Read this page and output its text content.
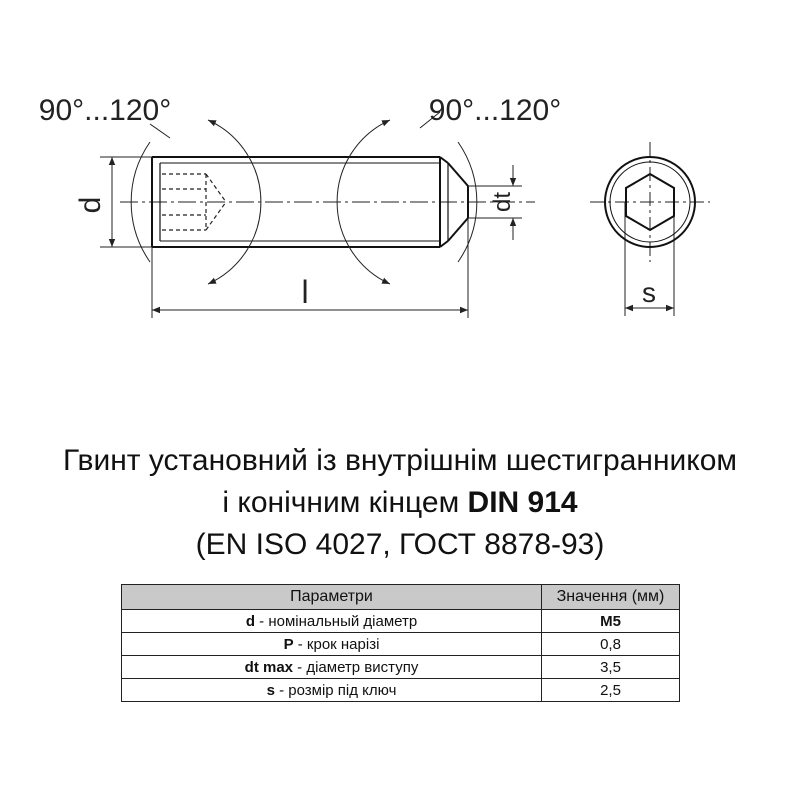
d
l
dt
90°...120°	90°...120°
s
Гвинт установний із внутрішнім шестигранником
і конічним кінцем DIN 914
(EN ISO 4027, ГОСТ 8878-93)
Параметри	Значення (мм)
d - номінальный діаметр	M5
P - крок нарізі	0,8
dt max - діаметр виступу	3,5
s - розмір під ключ	2,5
